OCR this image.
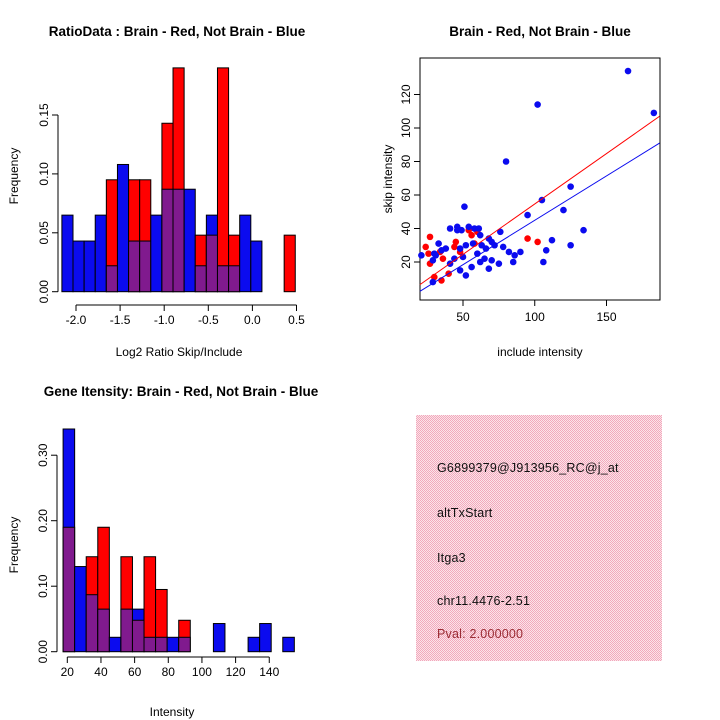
-2.0 -1.5 -1.0 -0.5 0.0 0.5
0.00
0.05
0.10
0.15
RatioData : Brain - Red, Not Brain - Blue
Log2 Ratio Skip/Include
Frequency
50	100	150
20
40
60
80
100
120
Brain - Red, Not Brain - Blue
include intensity
skip intensity
20 40 60 80 100 120 140
0.00
0.10
0.20
0.30
Gene Itensity: Brain - Red, Not Brain - Blue
Intensity
Frequency
G6899379@J913956_RC@j_at
altTxStart
Itga3
chr11.4476-2.51
Pval: 2.000000
